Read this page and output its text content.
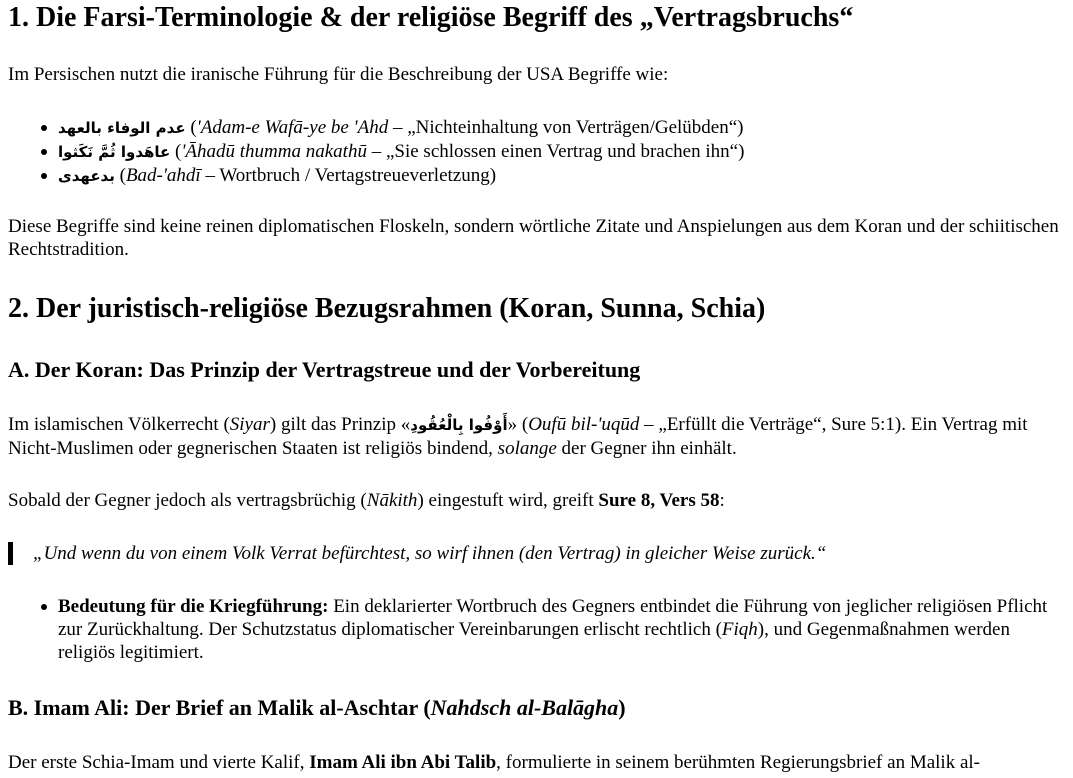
1. Die Farsi-Terminologie & der religiöse Begriff des „Vertragsbruchs“

Im Persischen nutzt die iranische Führung für die Beschreibung der USA Begriffe wie:

عدم الوفاء بالعهد ('Adam-e Wafā-ye be 'Ahd – „Nichteinhaltung von Verträgen/Gelübden“)
عاهَدوا ثُمَّ نَكَثوا ('Āhadū thumma nakathū – „Sie schlossen einen Vertrag und brachen ihn“)
بدعهدی (Bad-'ahdī – Wortbruch / Vertagstreueverletzung)

Diese Begriffe sind keine reinen diplomatischen Floskeln, sondern wörtliche Zitate und Anspielungen aus dem Koran und der schiitischen Rechtstradition.

2. Der juristisch-religiöse Bezugsrahmen (Koran, Sunna, Schia)
A. Der Koran: Das Prinzip der Vertragstreue und der Vorbereitung

Im islamischen Völkerrecht (Siyar) gilt das Prinzip «أَوْفُوا بِالْعُقُودِ» (Oufū bil-'uqūd – „Erfüllt die Verträge“, Sure 5:1). Ein Vertrag mit Nicht-Muslimen oder gegnerischen Staaten ist religiös bindend, solange der Gegner ihn einhält.

Sobald der Gegner jedoch als vertragsbrüchig (Nākith) eingestuft wird, greift Sure 8, Vers 58:

„Und wenn du von einem Volk Verrat befürchtest, so wirf ihnen (den Vertrag) in gleicher Weise zurück.“
Bedeutung für die Kriegführung: Ein deklarierter Wortbruch des Gegners entbindet die Führung von jeglicher religiösen Pflicht zur Zurückhaltung. Der Schutzstatus diplomatischer Vereinbarungen erlischt rechtlich (Fiqh), und Gegenmaßnahmen werden religiös legitimiert.
B. Imam Ali: Der Brief an Malik al-Aschtar (Nahdsch al-Balāgha)

Der erste Schia-Imam und vierte Kalif, Imam Ali ibn Abi Talib, formulierte in seinem berühmten Regierungsbrief an Malik al-
